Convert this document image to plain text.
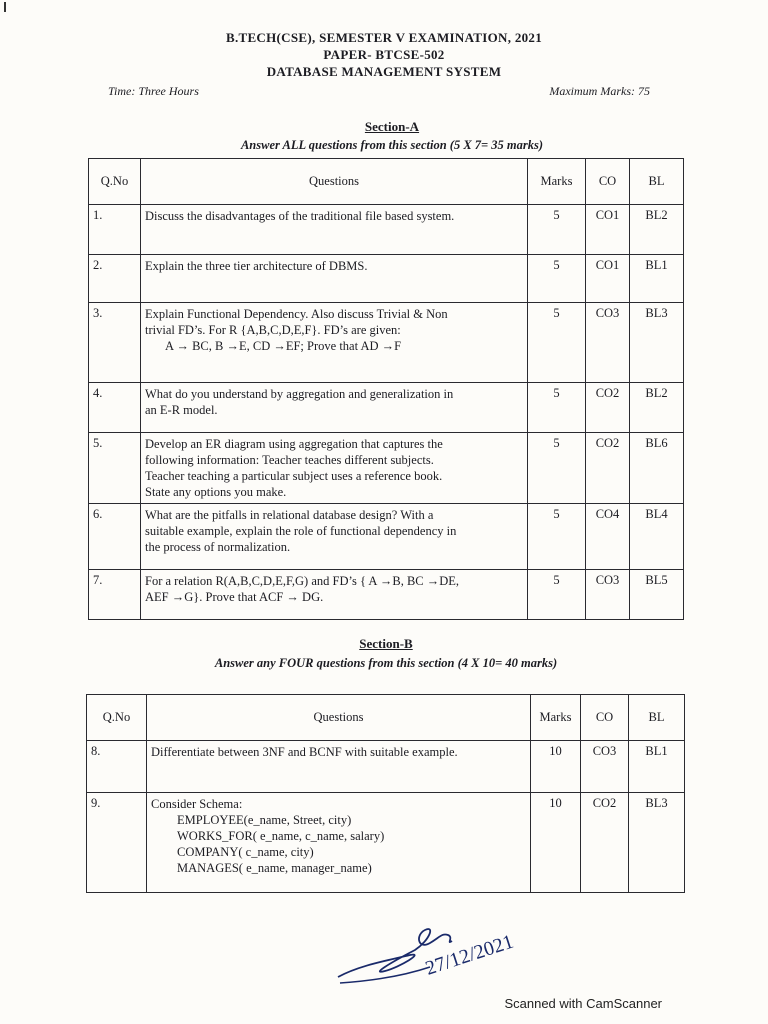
B.TECH(CSE), SEMESTER V EXAMINATION, 2021
PAPER- BTCSE-502
DATABASE MANAGEMENT SYSTEM
Time: Three Hours	Maximum Marks: 75
Section-A
Answer ALL questions from this section (5 X 7= 35 marks)
Q.No	Questions	Marks	CO	BL
1.	Discuss the disadvantages of the traditional file based system.	5	CO1	BL2
2.	Explain the three tier architecture of DBMS.	5	CO1	BL1
3.	Explain Functional Dependency. Also discuss Trivial & Non
trivial FD’s. For R {A,B,C,D,E,F}. FD’s are given:
A → BC, B →E, CD →EF; Prove that AD →F	5	CO3	BL3
4.	What do you understand by aggregation and generalization in
an E-R model.	5	CO2	BL2
5.	Develop an ER diagram using aggregation that captures the
following information: Teacher teaches different subjects.
Teacher teaching a particular subject uses a reference book.
State any options you make.	5	CO2	BL6
6.	What are the pitfalls in relational database design? With a
suitable example, explain the role of functional dependency in
the process of normalization.	5	CO4	BL4
7.	For a relation R(A,B,C,D,E,F,G) and FD’s { A →B, BC →DE,
AEF →G}. Prove that ACF → DG.	5	CO3	BL5
Section-B
Answer any FOUR questions from this section (4 X 10= 40 marks)
Q.No	Questions	Marks	CO	BL
8.	Differentiate between 3NF and BCNF with suitable example.	10	CO3	BL1
9.	Consider Schema:
EMPLOYEE(e_name, Street, city)
WORKS_FOR( e_name, c_name, salary)
COMPANY( c_name, city)
MANAGES( e_name, manager_name)	10	CO2	BL3
27/12/2021
Scanned with CamScanner
